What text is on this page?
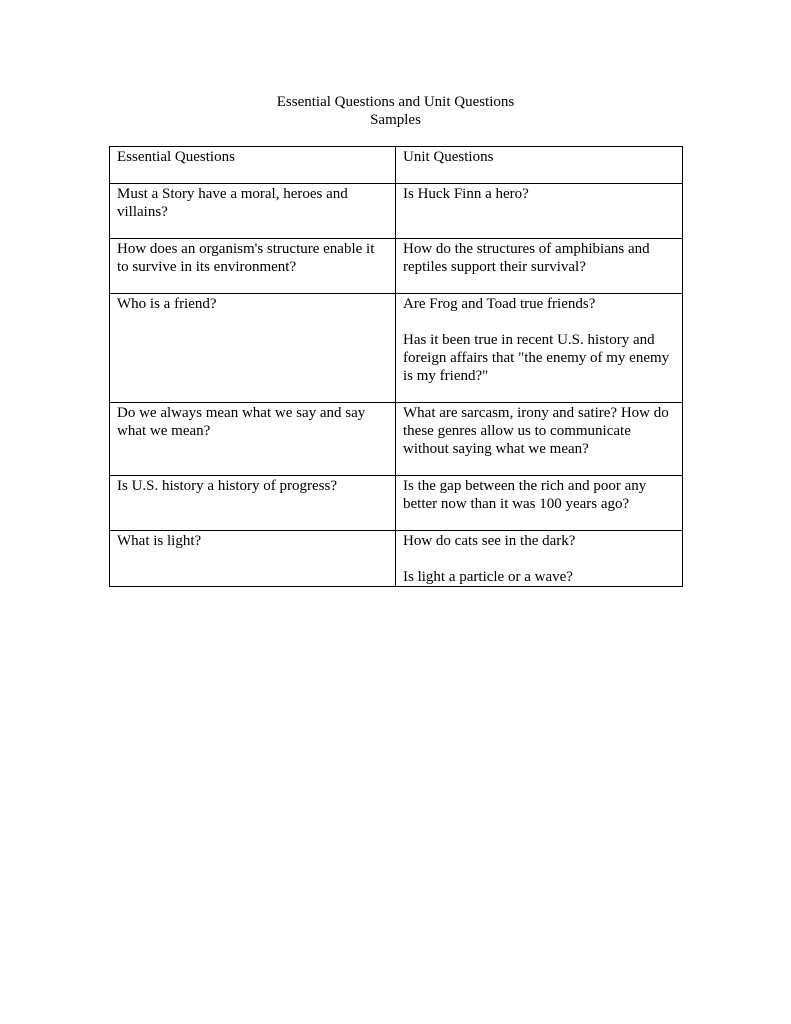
Essential Questions and Unit Questions
Samples
Essential Questions	Unit Questions
Must a Story have a moral, heroes and villains?	Is Huck Finn a hero?

How does an organism's structure enable it to survive in its environment?	How do the structures of amphibians and reptiles support their survival?

Who is a friend?	Are Frog and Toad true friends?
Has it been true in recent U.S. history and foreign affairs that "the enemy of my enemy is my friend?"

Do we always mean what we say and say what we mean?	What are sarcasm, irony and satire? How do these genres allow us to communicate without saying what we mean?

Is U.S. history a history of progress?	Is the gap between the rich and poor any better now than it was 100 years ago?

What is light?	How do cats see in the dark?
Is light a particle or a wave?
